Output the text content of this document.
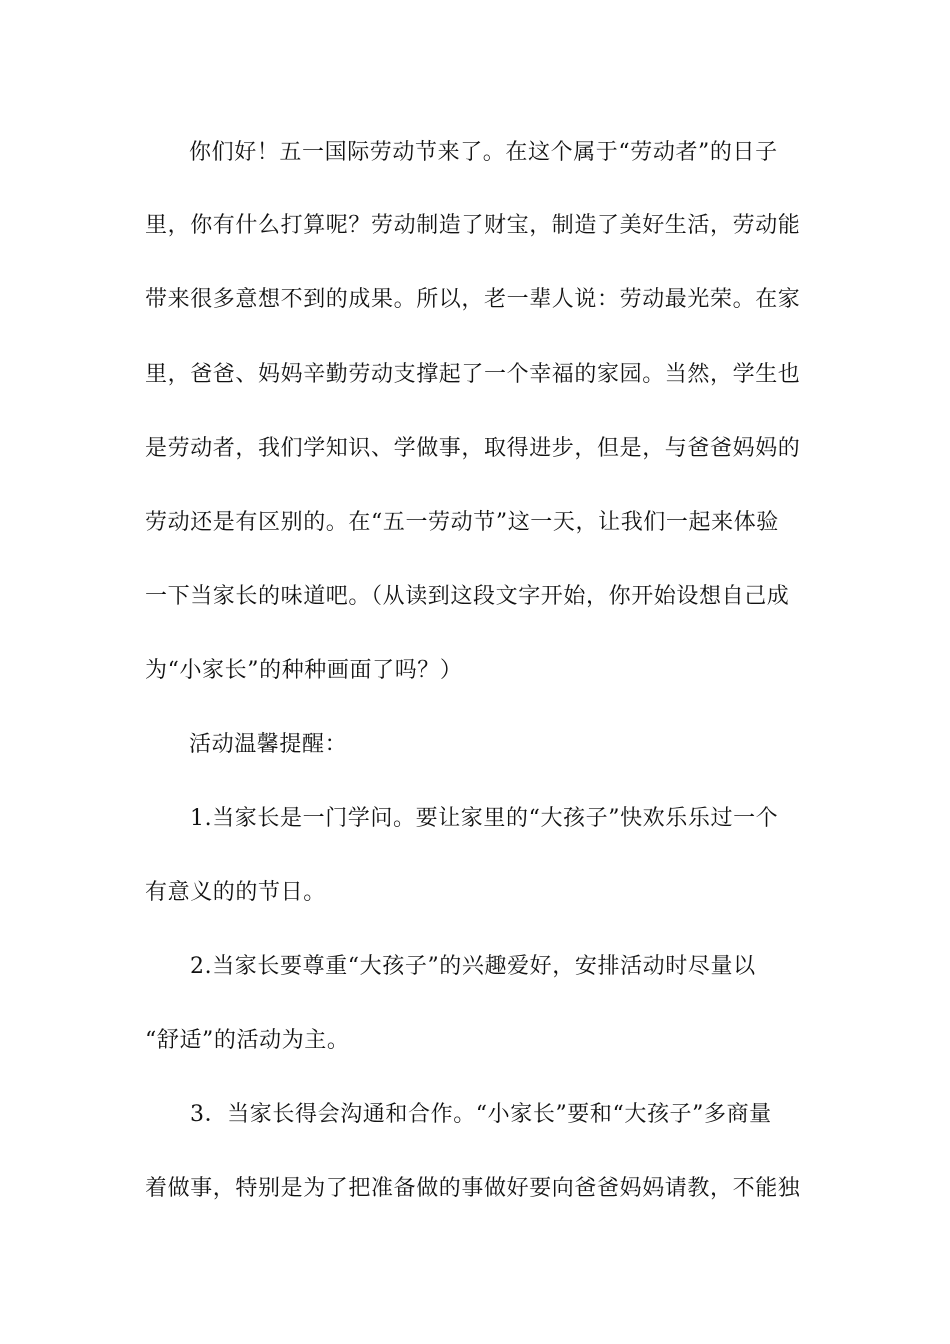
你们好！五一国际劳动节来了。在这个属于“劳动者”的日子

里，你有什么打算呢？劳动制造了财宝，制造了美好生活，劳动能

带来很多意想不到的成果。所以，老一辈人说：劳动最光荣。在家

里，爸爸、妈妈辛勤劳动支撑起了一个幸福的家园。当然，学生也

是劳动者，我们学知识、学做事，取得进步，但是，与爸爸妈妈的

劳动还是有区别的。在“五一劳动节”这一天，让我们一起来体验

一下当家长的味道吧。（从读到这段文字开始，你开始设想自己成

为“小家长”的种种画面了吗？）

活动温馨提醒：

1.当家长是一门学问。要让家里的“大孩子”快欢乐乐过一个

有意义的的节日。

2.当家长要尊重“大孩子”的兴趣爱好，安排活动时尽量以

“舒适”的活动为主。

3．当家长得会沟通和合作。“小家长”要和“大孩子”多商量

着做事，特别是为了把准备做的事做好要向爸爸妈妈请教，不能独
